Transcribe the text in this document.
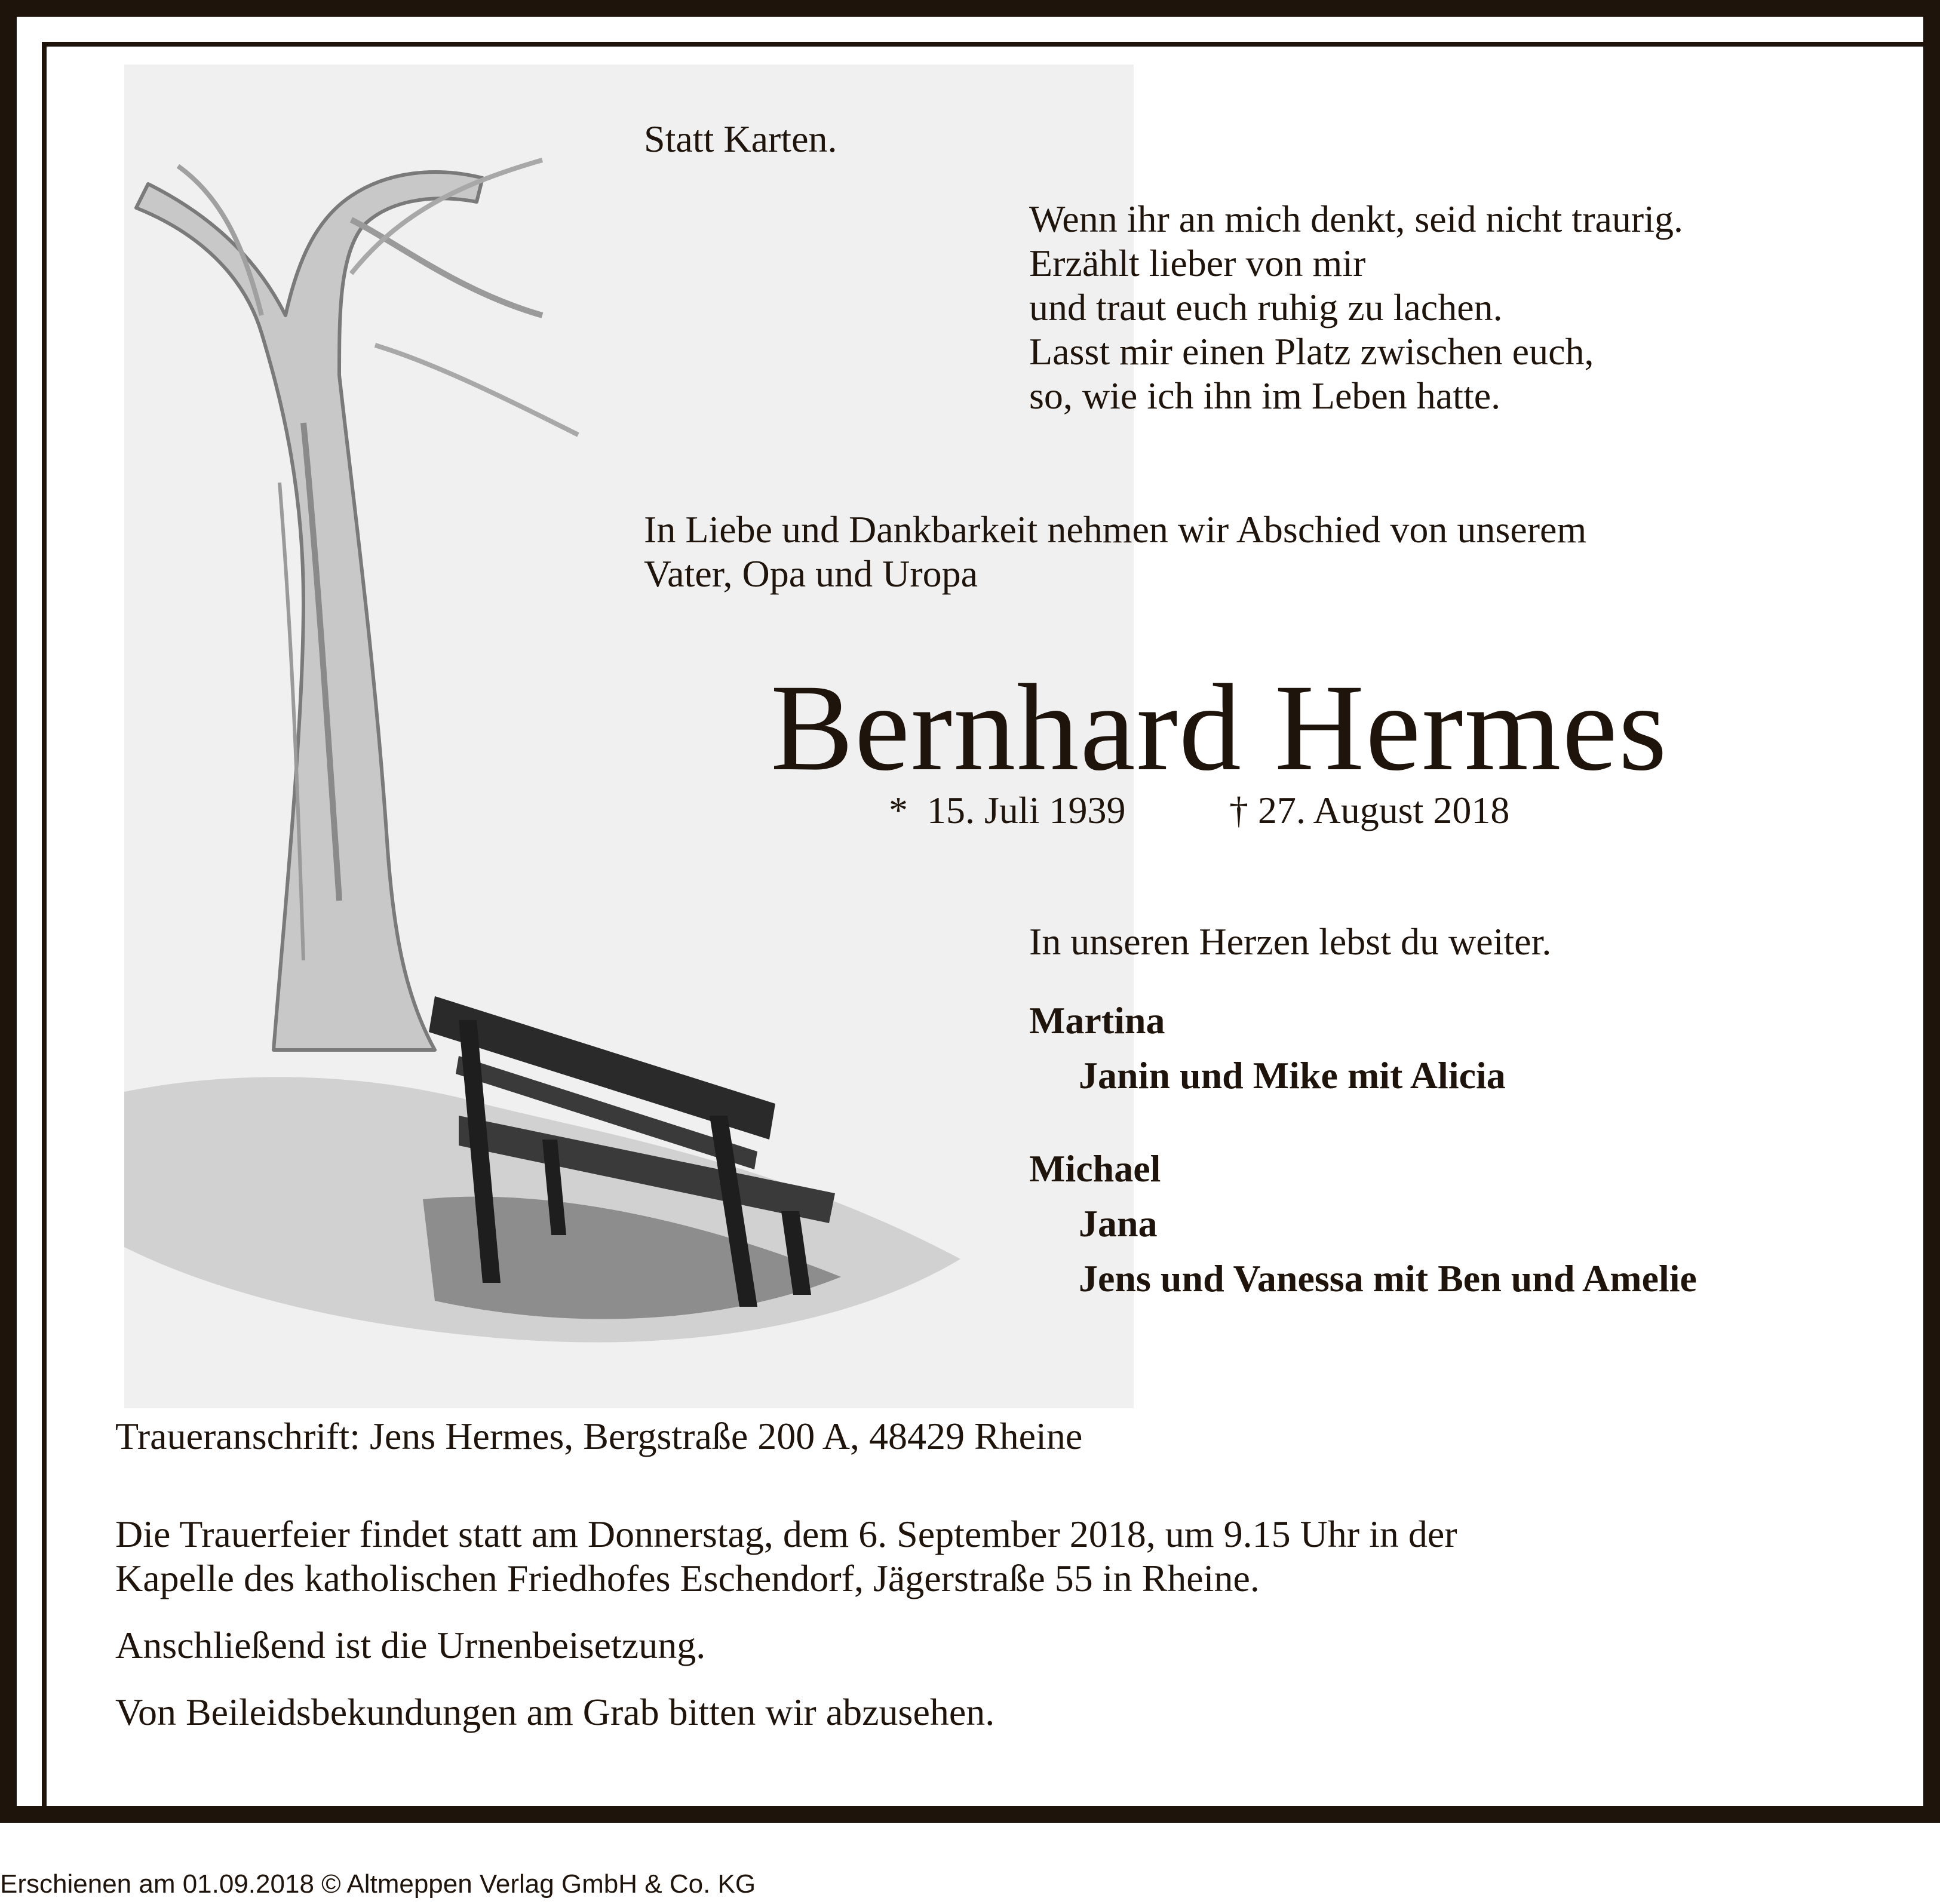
Statt Karten.

Wenn ihr an mich denkt, seid nicht traurig.

Erzählt lieber von mir

und traut euch ruhig zu lachen.

Lasst mir einen Platz zwischen euch,

so, wie ich ihn im Leben hatte.

In Liebe und Dankbarkeit nehmen wir Abschied von unserem

Vater, Opa und Uropa

Bernhard Hermes

*  15. Juli 1939	† 27. August 2018

In unseren Herzen lebst du weiter.

Martina

Janin und Mike mit Alicia

Michael

Jana

Jens und Vanessa mit Ben und Amelie

Traueranschrift: Jens Hermes, Bergstraße 200 A, 48429 Rheine

Die Trauerfeier findet statt am Donnerstag, dem 6. September 2018, um 9.15 Uhr in der

Kapelle des katholischen Friedhofes Eschendorf, Jägerstraße 55 in Rheine.

Anschließend ist die Urnenbeisetzung.

Von Beileidsbekundungen am Grab bitten wir abzusehen.

Erschienen am 01.09.2018 © Altmeppen Verlag GmbH & Co. KG
